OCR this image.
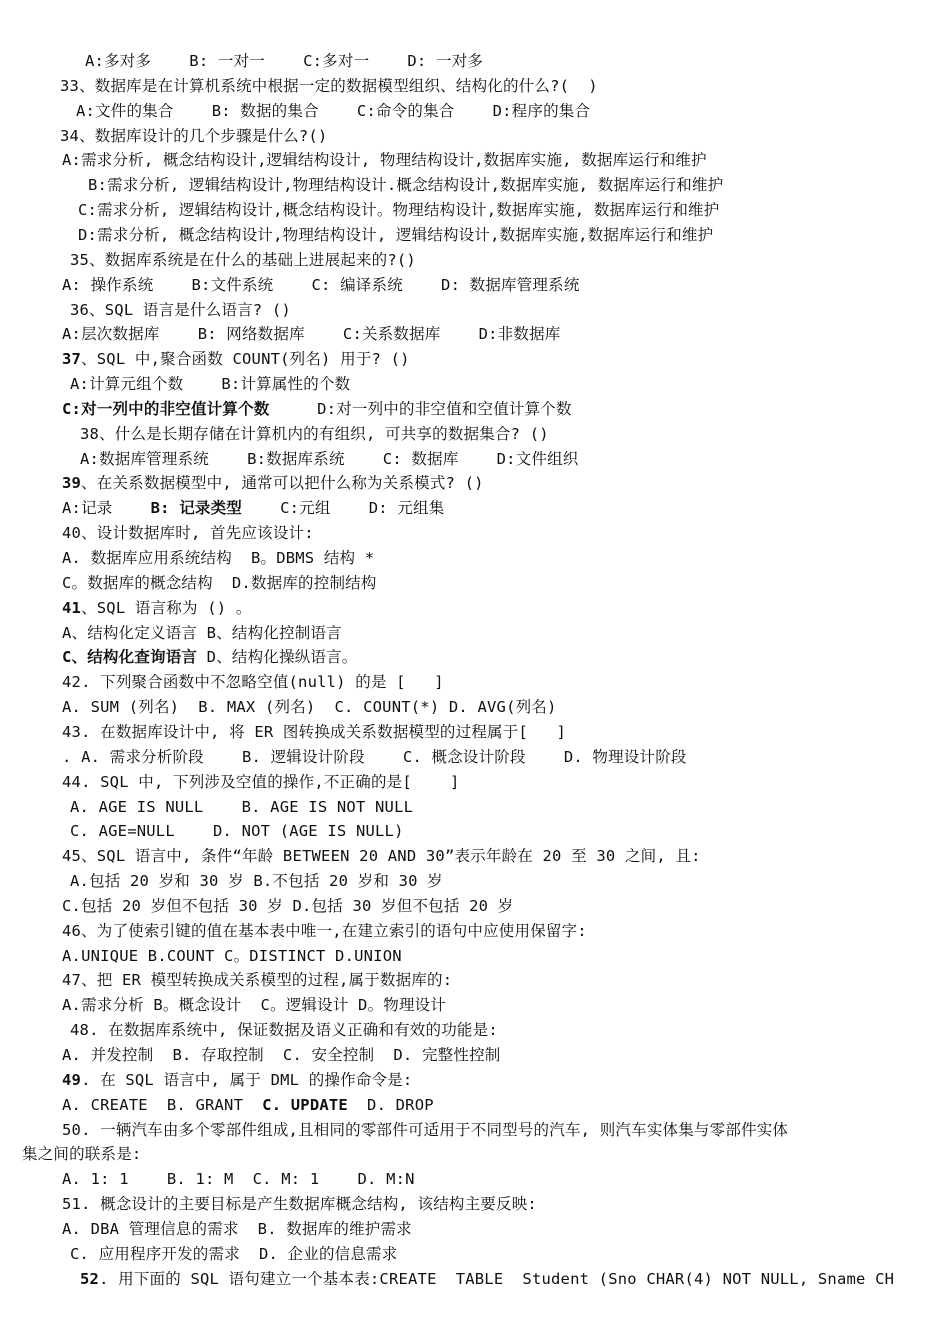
A:多对多    B: 一对一    C:多对一    D: 一对多
33、数据库是在计算机系统中根据一定的数据模型组织、结构化的什么?(  )
A:文件的集合    B: 数据的集合    C:命令的集合    D:程序的集合
34、数据库设计的几个步骤是什么?()
A:需求分析, 概念结构设计,逻辑结构设计, 物理结构设计,数据库实施, 数据库运行和维护
B:需求分析, 逻辑结构设计,物理结构设计.概念结构设计,数据库实施, 数据库运行和维护
C:需求分析, 逻辑结构设计,概念结构设计。物理结构设计,数据库实施, 数据库运行和维护
D:需求分析, 概念结构设计,物理结构设计, 逻辑结构设计,数据库实施,数据库运行和维护
35、数据库系统是在什么的基础上进展起来的?()
A: 操作系统    B:文件系统    C: 编译系统    D: 数据库管理系统
36、SQL 语言是什么语言? ()
A:层次数据库    B: 网络数据库    C:关系数据库    D:非数据库
37、SQL 中,聚合函数 COUNT(列名) 用于? ()
A:计算元组个数    B:计算属性的个数
C:对一列中的非空值计算个数     D:对一列中的非空值和空值计算个数
38、什么是长期存储在计算机内的有组织, 可共享的数据集合? ()
A:数据库管理系统    B:数据库系统    C: 数据库    D:文件组织
39、在关系数据模型中, 通常可以把什么称为关系模式? ()
A:记录    B: 记录类型    C:元组    D: 元组集
40、设计数据库时, 首先应该设计:
A. 数据库应用系统结构  B。DBMS 结构 *
C。数据库的概念结构  D.数据库的控制结构
41、SQL 语言称为 () 。
A、结构化定义语言 B、结构化控制语言
C、结构化查询语言 D、结构化操纵语言。
42. 下列聚合函数中不忽略空值(null) 的是 [   ]
A. SUM (列名)  B. MAX (列名)  C. COUNT(*) D. AVG(列名)
43. 在数据库设计中, 将 ER 图转换成关系数据模型的过程属于[   ]
. A. 需求分析阶段    B. 逻辑设计阶段    C. 概念设计阶段    D. 物理设计阶段
44. SQL 中, 下列涉及空值的操作,不正确的是[    ]
A. AGE IS NULL    B. AGE IS NOT NULL
C. AGE=NULL    D. NOT (AGE IS NULL)
45、SQL 语言中, 条件“年龄 BETWEEN 20 AND 30”表示年龄在 20 至 30 之间, 且:
A.包括 20 岁和 30 岁 B.不包括 20 岁和 30 岁
C.包括 20 岁但不包括 30 岁 D.包括 30 岁但不包括 20 岁
46、为了使索引键的值在基本表中唯一,在建立索引的语句中应使用保留字:
A.UNIQUE B.COUNT C。DISTINCT D.UNION
47、把 ER 模型转换成关系模型的过程,属于数据库的:
A.需求分析 B。概念设计  C。逻辑设计 D。物理设计
48. 在数据库系统中, 保证数据及语义正确和有效的功能是:
A. 并发控制  B. 存取控制  C. 安全控制  D. 完整性控制
49. 在 SQL 语言中, 属于 DML 的操作命令是:
A. CREATE  B. GRANT  C. UPDATE  D. DROP
50. 一辆汽车由多个零部件组成,且相同的零部件可适用于不同型号的汽车, 则汽车实体集与零部件实体
集之间的联系是:
A. 1: 1    B. 1: M  C. M: 1    D. M:N
51. 概念设计的主要目标是产生数据库概念结构, 该结构主要反映:
A. DBA 管理信息的需求  B. 数据库的维护需求
C. 应用程序开发的需求  D. 企业的信息需求
52. 用下面的 SQL 语句建立一个基本表:CREATE  TABLE  Student (Sno CHAR(4) NOT NULL, Sname CH
